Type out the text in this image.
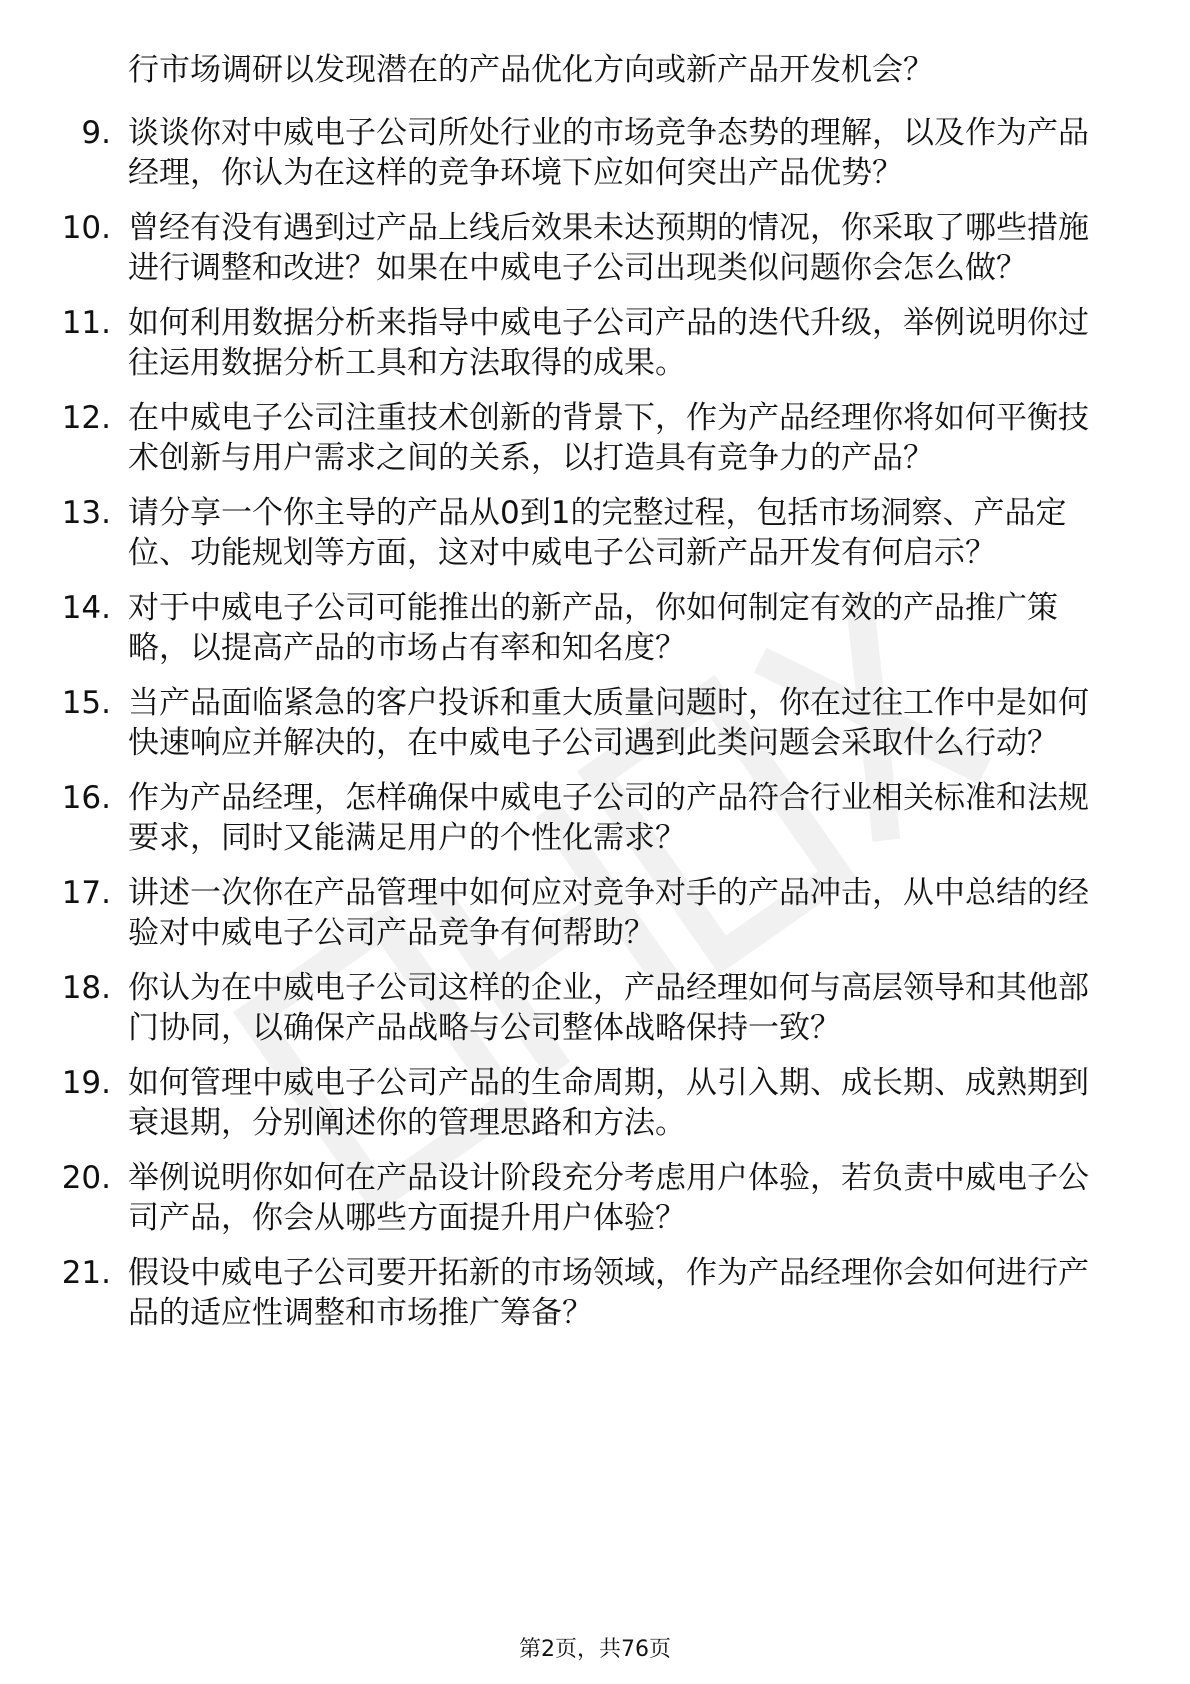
行市场调研以发现潜在的产品优化方向或新产品开发机会？
9. 谈谈你对中威电子公司所处行业的市场竞争态势的理解，以及作为产品经理，你认为在这样的竞争环境下应如何突出产品优势？
10. 曾经有没有遇到过产品上线后效果未达预期的情况，你采取了哪些措施进行调整和改进？如果在中威电子公司出现类似问题你会怎么做？
11. 如何利用数据分析来指导中威电子公司产品的迭代升级，举例说明你过往运用数据分析工具和方法取得的成果。
12. 在中威电子公司注重技术创新的背景下，作为产品经理你将如何平衡技术创新与用户需求之间的关系，以打造具有竞争力的产品？
13. 请分享一个你主导的产品从0到1的完整过程，包括市场洞察、产品定位、功能规划等方面，这对中威电子公司新产品开发有何启示？
14. 对于中威电子公司可能推出的新产品，你如何制定有效的产品推广策略，以提高产品的市场占有率和知名度？
15. 当产品面临紧急的客户投诉和重大质量问题时，你在过往工作中是如何快速响应并解决的，在中威电子公司遇到此类问题会采取什么行动？
16. 作为产品经理，怎样确保中威电子公司的产品符合行业相关标准和法规要求，同时又能满足用户的个性化需求？
17. 讲述一次你在产品管理中如何应对竞争对手的产品冲击，从中总结的经验对中威电子公司产品竞争有何帮助？
18. 你认为在中威电子公司这样的企业，产品经理如何与高层领导和其他部门协同，以确保产品战略与公司整体战略保持一致？
19. 如何管理中威电子公司产品的生命周期，从引入期、成长期、成熟期到衰退期，分别阐述你的管理思路和方法。
20. 举例说明你如何在产品设计阶段充分考虑用户体验，若负责中威电子公司产品，你会从哪些方面提升用户体验？
21. 假设中威电子公司要开拓新的市场领域，作为产品经理你会如何进行产品的适应性调整和市场推广筹备？
第2页，共76页
